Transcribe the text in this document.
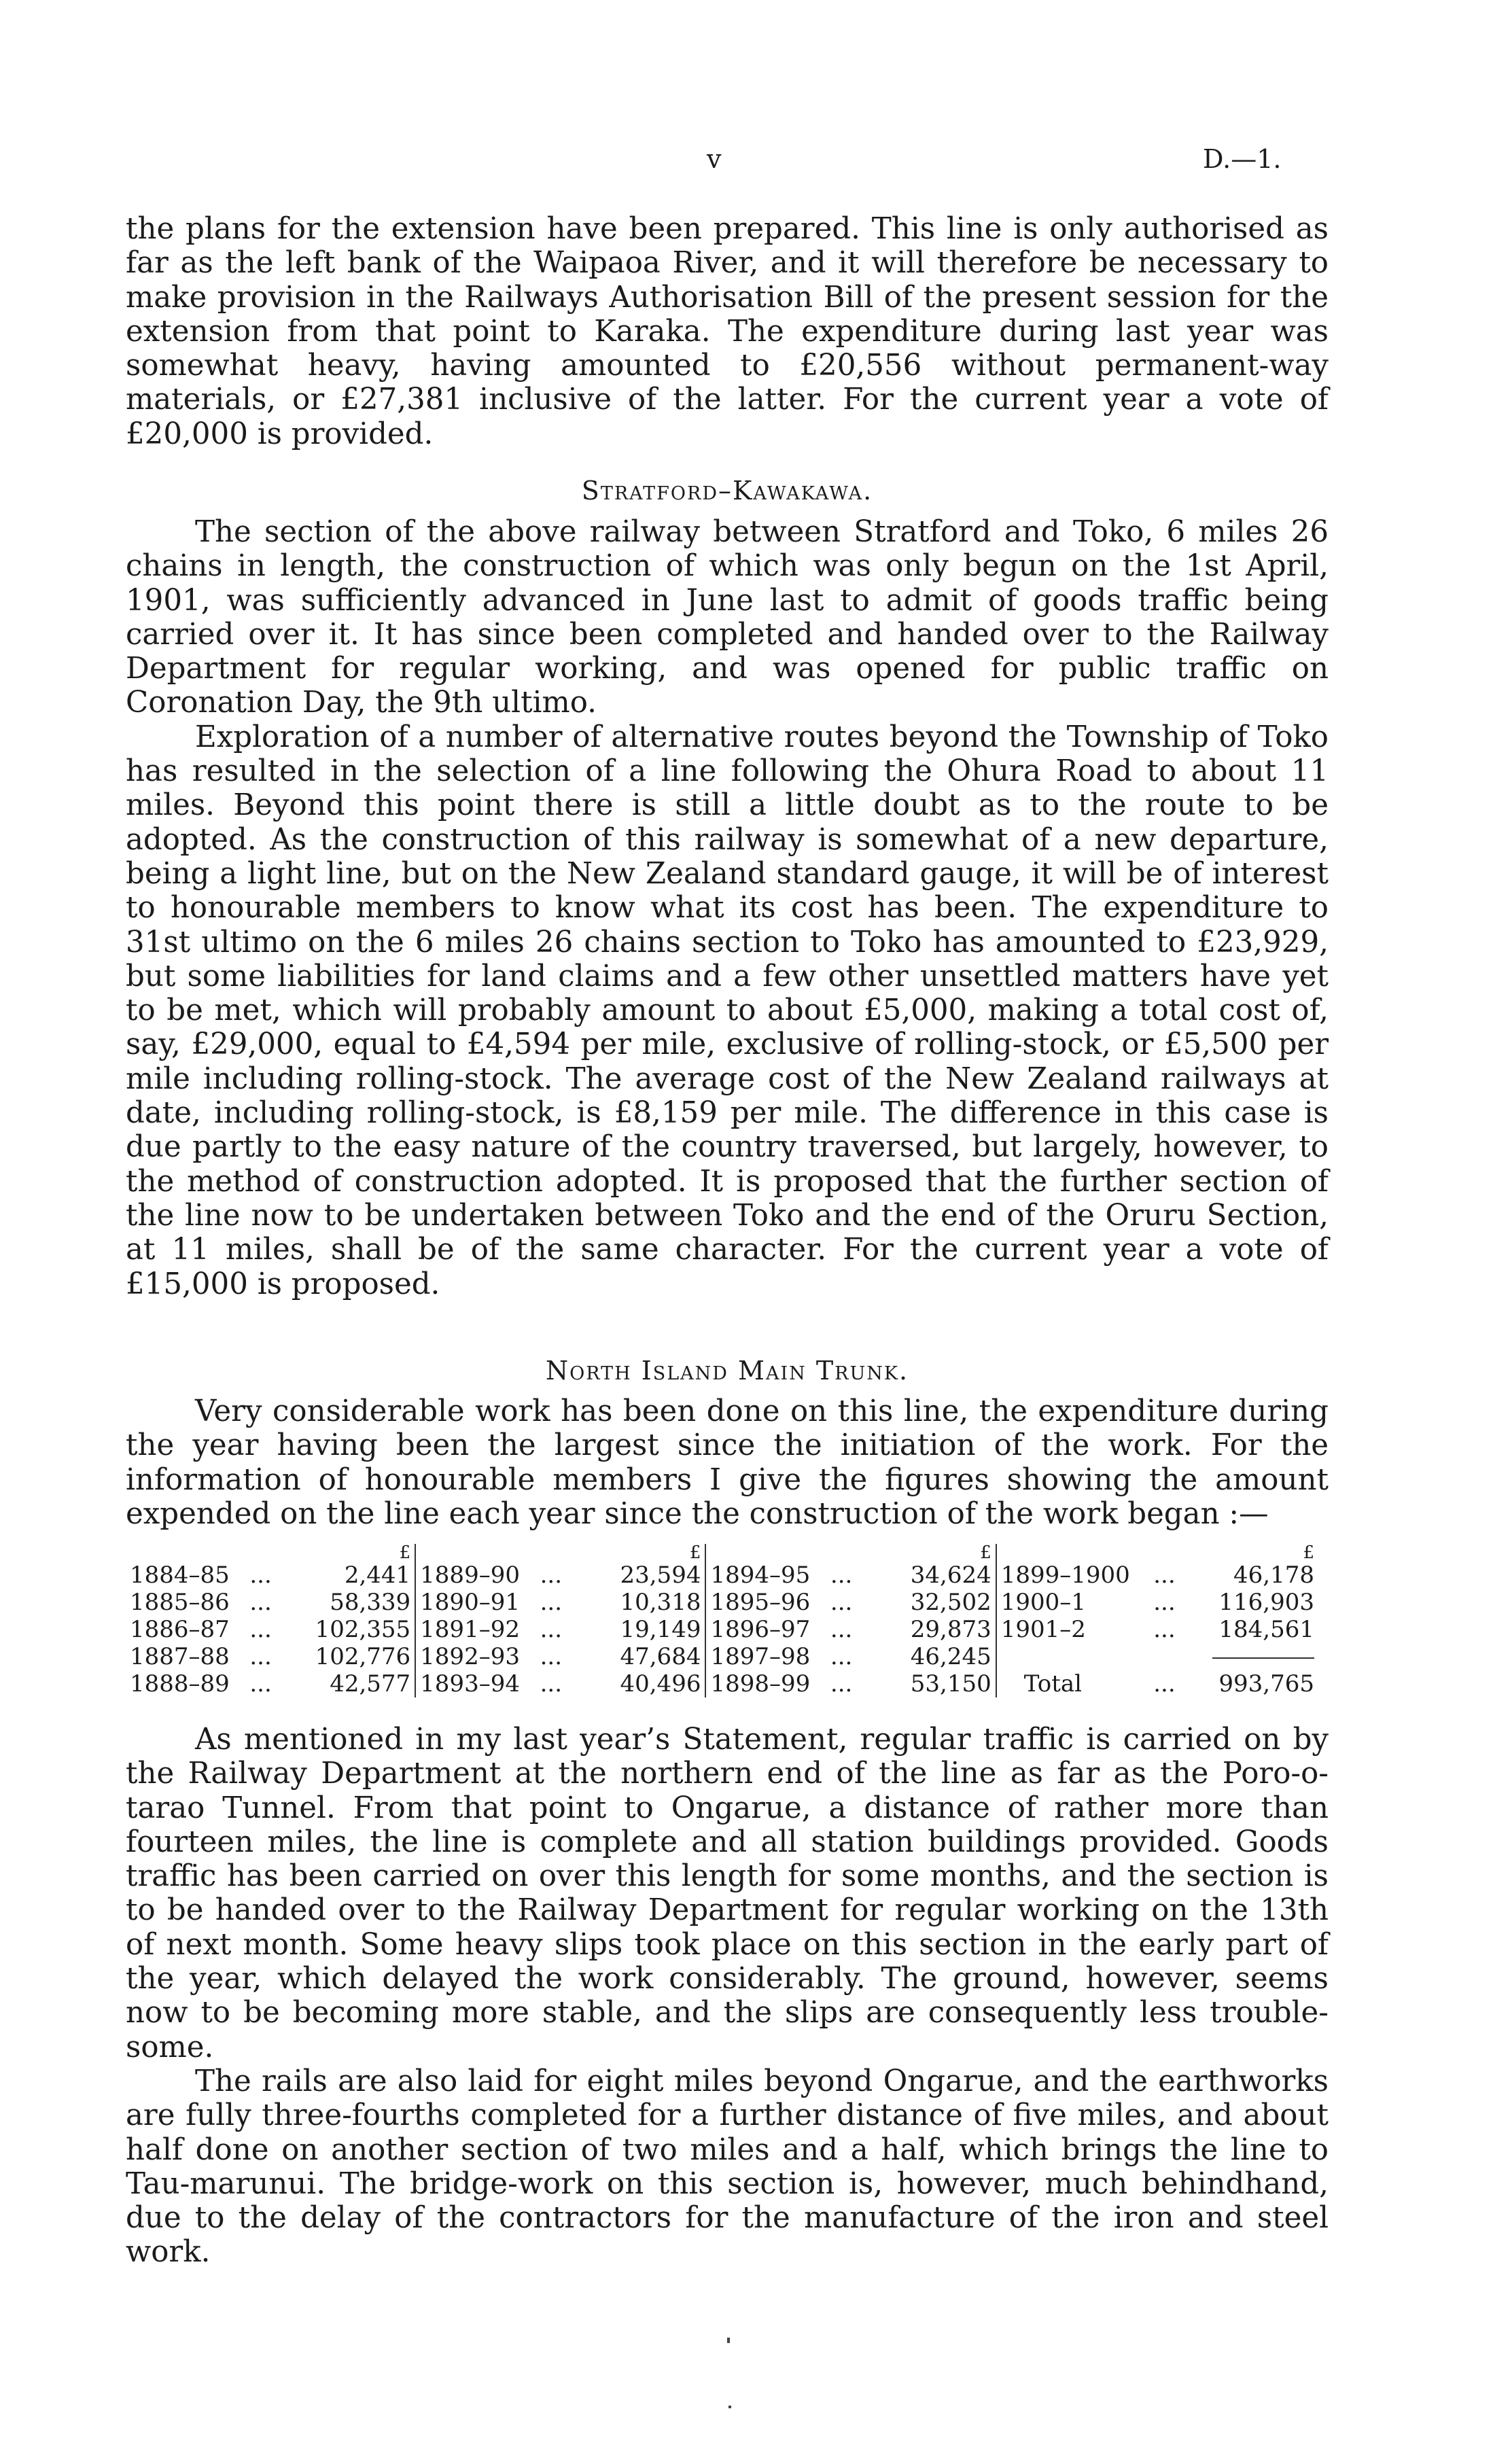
v	D.—1.

the plans for the extension have been prepared. This line is only authorised as far as the left bank of the Waipaoa River, and it will therefore be necessary to make provision in the Railways Authorisation Bill of the present session for the extension from that point to Karaka. The expenditure during last year was somewhat heavy, having amounted to £20,556 without permanent-way materials, or £27,381 inclusive of the latter. For the current year a vote of £20,000 is provided.

Stratford–Kawakawa.

The section of the above railway between Stratford and Toko, 6 miles 26 chains in length, the construction of which was only begun on the 1st April, 1901, was sufficiently advanced in June last to admit of goods traffic being carried over it. It has since been completed and handed over to the Railway Department for regular working, and was opened for public traffic on Coronation Day, the 9th ultimo.

Exploration of a number of alternative routes beyond the Township of Toko has resulted in the selection of a line following the Ohura Road to about 11 miles. Beyond this point there is still a little doubt as to the route to be adopted. As the construction of this railway is somewhat of a new departure, being a light line, but on the New Zealand standard gauge, it will be of interest to honourable members to know what its cost has been. The expenditure to 31st ultimo on the 6 miles 26 chains section to Toko has amounted to £23,929, but some liabilities for land claims and a few other unsettled matters have yet to be met, which will probably amount to about £5,000, making a total cost of, say, £29,000, equal to £4,594 per mile, exclusive of rolling-stock, or £5,500 per mile including rolling-stock. The average cost of the New Zealand railways at date, including rolling-stock, is £8,159 per mile. The difference in this case is due partly to the easy nature of the country traversed, but largely, however, to the method of construction adopted. It is proposed that the further section of the line now to be undertaken between Toko and the end of the Oruru Section, at 11 miles, shall be of the same character. For the current year a vote of £15,000 is proposed.

North Island Main Trunk.

Very considerable work has been done on this line, the expenditure during the year having been the largest since the initiation of the work. For the information of honourable members I give the figures showing the amount expended on the line each year since the construction of the work began :—

		£			£			£			£
1884–85	...	2,441	1889–90	...	23,594	1894–95	...	34,624	1899–1900	...	46,178
1885–86	...	58,339	1890–91	...	10,318	1895–96	...	32,502	1900–1	...	116,903
1886–87	...	102,355	1891–92	...	19,149	1896–97	...	29,873	1901–2	...	184,561
1887–88	...	102,776	1892–93	...	47,684	1897–98	...	46,245			
1888–89	...	42,577	1893–94	...	40,496	1898–99	...	53,150	Total	...	993,765

As mentioned in my last year’s Statement, regular traffic is carried on by the Railway Department at the northern end of the line as far as the Poro-o-tarao Tunnel. From that point to Ongarue, a distance of rather more than fourteen miles, the line is complete and all station buildings provided. Goods traffic has been carried on over this length for some months, and the section is to be handed over to the Railway Department for regular working on the 13th of next month. Some heavy slips took place on this section in the early part of the year, which delayed the work considerably. The ground, however, seems now to be becoming more stable, and the slips are consequently less trouble-some.

The rails are also laid for eight miles beyond Ongarue, and the earthworks are fully three-fourths completed for a further distance of five miles, and about half done on another section of two miles and a half, which brings the line to Tau-marunui. The bridge-work on this section is, however, much behindhand, due to the delay of the contractors for the manufacture of the iron and steel work.
